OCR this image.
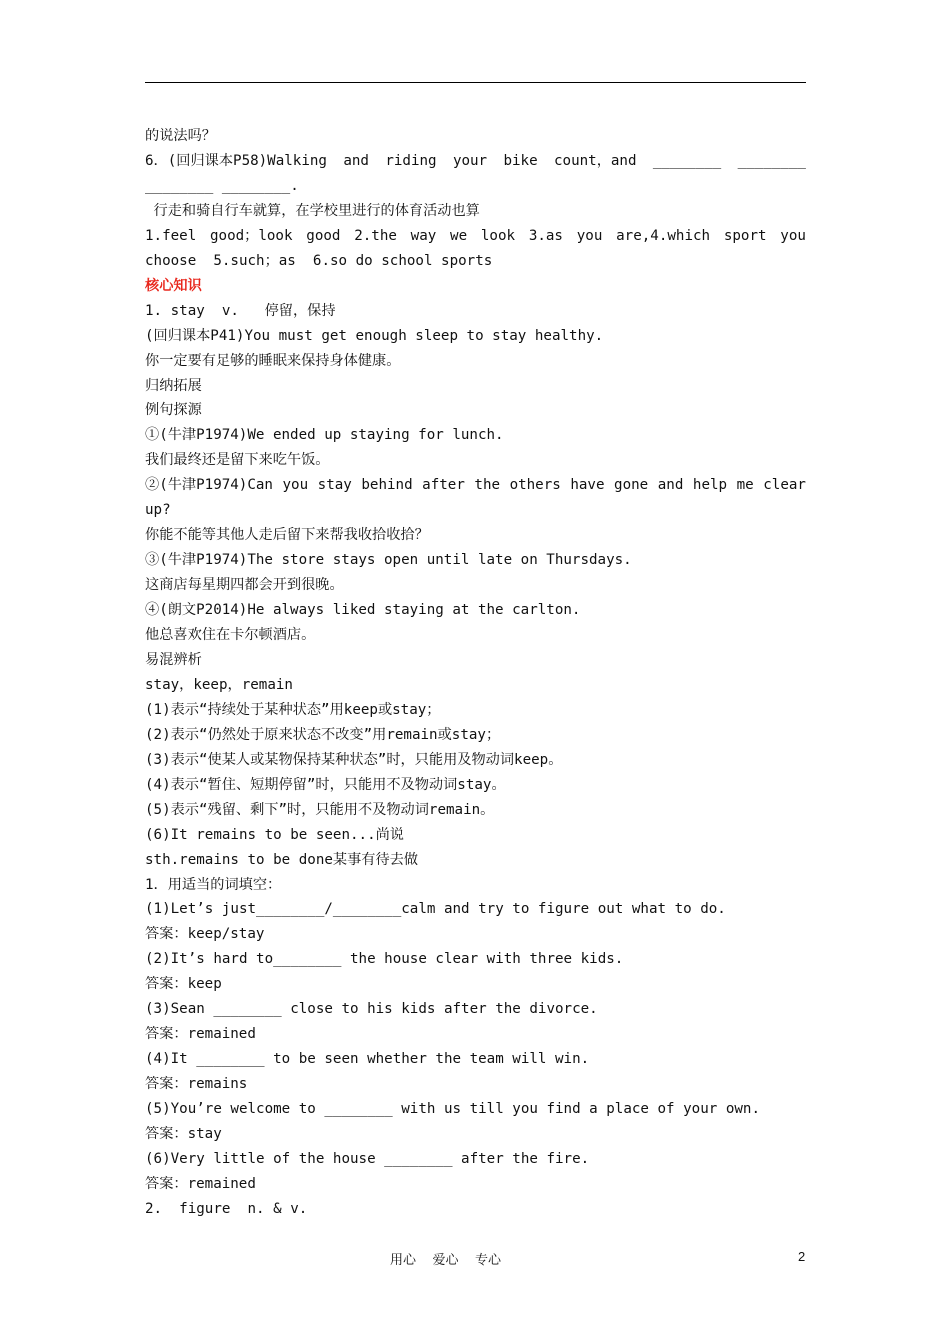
的说法吗？
6．(回归课本P58)Walking and riding your bike count，and ________ ________
________ ________.
行走和骑自行车就算，在学校里进行的体育活动也算
1.feel good；look good 2.the way we look 3.as you are,4.which sport you
choose  5.such；as  6.so do school sports
核心知识
1. stay  v.   停留，保持
(回归课本P41)You must get enough sleep to stay healthy.
你一定要有足够的睡眠来保持身体健康。
归纳拓展
例句探源
①(牛津P1974)We ended up staying for lunch.
我们最终还是留下来吃午饭。
②(牛津P1974)Can you stay behind after the others have gone and help me clear
up?
你能不能等其他人走后留下来帮我收拾收拾？
③(牛津P1974)The store stays open until late on Thursdays.
这商店每星期四都会开到很晚。
④(朗文P2014)He always liked staying at the carlton.
他总喜欢住在卡尔顿酒店。
易混辨析
stay，keep，remain
(1)表示“持续处于某种状态”用keep或stay；
(2)表示“仍然处于原来状态不改变”用remain或stay；
(3)表示“使某人或某物保持某种状态”时，只能用及物动词keep。
(4)表示“暂住、短期停留”时，只能用不及物动词stay。
(5)表示“残留、剩下”时，只能用不及物动词remain。
(6)It remains to be seen...尚说
sth.remains to be done某事有待去做
1．用适当的词填空：
(1)Let’s just________/________calm and try to figure out what to do.
答案：keep/stay
(2)It’s hard to________ the house clear with three kids.
答案：keep
(3)Sean ________ close to his kids after the divorce.
答案：remained
(4)It ________ to be seen whether the team will win.
答案：remains
(5)You’re welcome to ________ with us till you find a place of your own.
答案：stay
(6)Very little of the house ________ after the fire.
答案：remained
2.  figure  n. & v.
用心    爱心    专心	2
